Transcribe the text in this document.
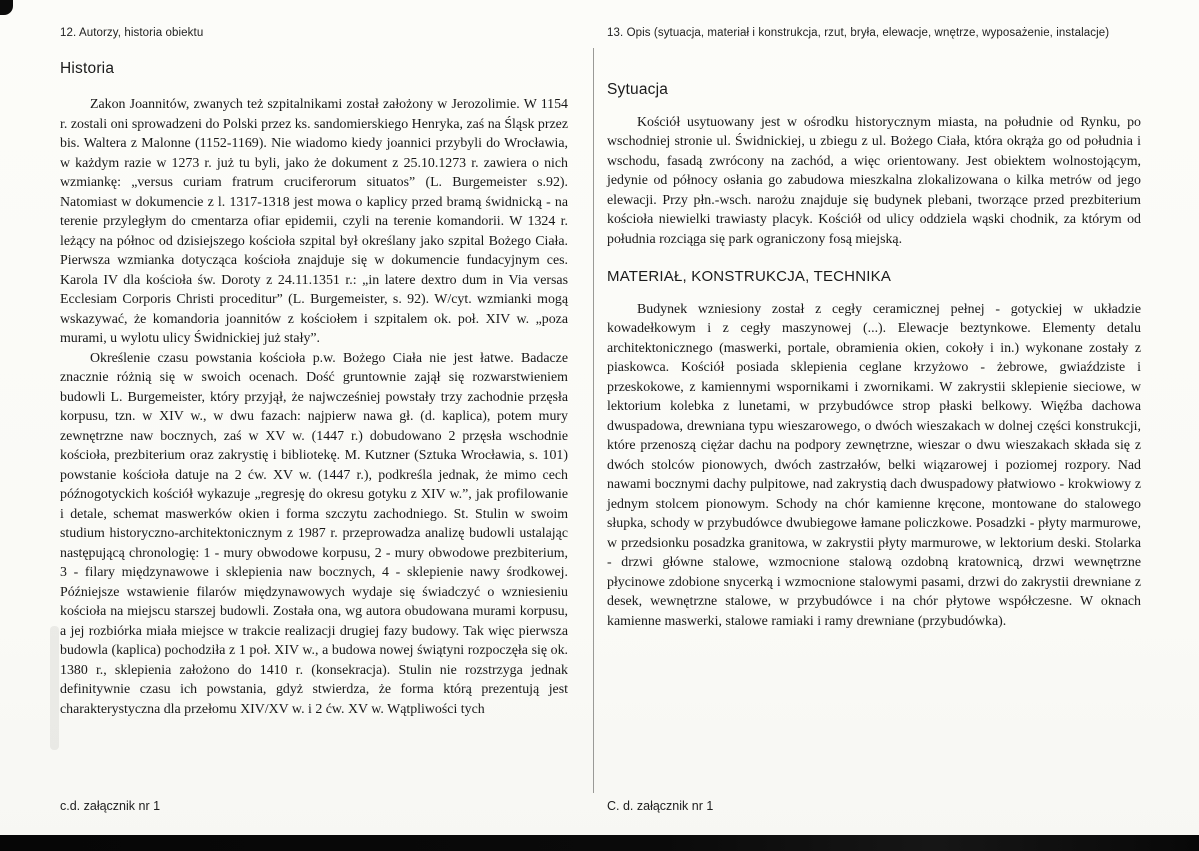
12. Autorzy, historia obiektu
Historia

Zakon Joannitów, zwanych też szpitalnikami został założony w Jerozolimie. W 1154 r. zostali oni sprowadzeni do Polski przez ks. sandomierskiego Henryka, zaś na Śląsk przez bis. Waltera z Malonne (1152-1169). Nie wiadomo kiedy joannici przybyli do Wrocławia, w każdym razie w 1273 r. już tu byli, jako że dokument z 25.10.1273 r. zawiera o nich wzmiankę: „versus curiam fratrum cruciferorum situatos” (L. Burgemeister s.92). Natomiast w dokumencie z l. 1317-1318 jest mowa o kaplicy przed bramą świdnicką - na terenie przyległym do cmentarza ofiar epidemii, czyli na terenie komandorii. W 1324 r. leżący na północ od dzisiejszego kościoła szpital był określany jako szpital Bożego Ciała. Pierwsza wzmianka dotycząca kościoła znajduje się w dokumencie fundacyjnym ces. Karola IV dla kościoła św. Doroty z 24.11.1351 r.: „in latere dextro dum in Via versas Ecclesiam Corporis Christi proceditur” (L. Burgemeister, s. 92). W/cyt. wzmianki mogą wskazywać, że komandoria joannitów z kościołem i szpitalem ok. poł. XIV w. „poza murami, u wylotu ulicy Świdnickiej już stały”.

Określenie czasu powstania kościoła p.w. Bożego Ciała nie jest łatwe. Badacze znacznie różnią się w swoich ocenach. Dość gruntownie zajął się rozwarstwieniem budowli L. Burgemeister, który przyjął, że najwcześniej powstały trzy zachodnie przęsła korpusu, tzn. w XIV w., w dwu fazach: najpierw nawa gł. (d. kaplica), potem mury zewnętrzne naw bocznych, zaś w XV w. (1447 r.) dobudowano 2 przęsła wschodnie kościoła, prezbiterium oraz zakrystię i bibliotekę. M. Kutzner (Sztuka Wrocławia, s. 101) powstanie kościoła datuje na 2 ćw. XV w. (1447 r.), podkreśla jednak, że mimo cech późnogotyckich kościół wykazuje „regresję do okresu gotyku z XIV w.”, jak profilowanie i detale, schemat maswerków okien i forma szczytu zachodniego. St. Stulin w swoim studium historyczno-architektonicznym z 1987 r. przeprowadza analizę budowli ustalając następującą chronologię: 1 - mury obwodowe korpusu, 2 - mury obwodowe prezbiterium, 3 - filary międzynawowe i sklepienia naw bocznych, 4 - sklepienie nawy środkowej. Późniejsze wstawienie filarów międzynawowych wydaje się świadczyć o wzniesieniu kościoła na miejscu starszej budowli. Została ona, wg autora obudowana murami korpusu, a jej rozbiórka miała miejsce w trakcie realizacji drugiej fazy budowy. Tak więc pierwsza budowla (kaplica) pochodziła z 1 poł. XIV w., a budowa nowej świątyni rozpoczęła się ok. 1380 r., sklepienia założono do 1410 r. (konsekracja). Stulin nie rozstrzyga jednak definitywnie czasu ich powstania, gdyż stwierdza, że forma którą prezentują jest charakterystyczna dla przełomu XIV/XV w. i 2 ćw. XV w. Wątpliwości tych

c.d. załącznik nr 1
13. Opis (sytuacja, materiał i konstrukcja, rzut, bryła, elewacje, wnętrze, wyposażenie, instalacje)
Sytuacja

Kościół usytuowany jest w ośrodku historycznym miasta, na południe od Rynku, po wschodniej stronie ul. Świdnickiej, u zbiegu z ul. Bożego Ciała, która okrąża go od południa i wschodu, fasadą zwrócony na zachód, a więc orientowany. Jest obiektem wolnostojącym, jedynie od północy osłania go zabudowa mieszkalna zlokalizowana o kilka metrów od jego elewacji. Przy płn.-wsch. narożu znajduje się budynek plebani, tworzące przed prezbiterium kościoła niewielki trawiasty placyk. Kościół od ulicy oddziela wąski chodnik, za którym od południa rozciąga się park ograniczony fosą miejską.

MATERIAŁ, KONSTRUKCJA, TECHNIKA

Budynek wzniesiony został z cegły ceramicznej pełnej - gotyckiej w układzie kowadełkowym i z cegły maszynowej (...). Elewacje beztynkowe. Elementy detalu architektonicznego (maswerki, portale, obramienia okien, cokoły i in.) wykonane zostały z piaskowca. Kościół posiada sklepienia ceglane krzyżowo - żebrowe, gwiaździste i przeskokowe, z kamiennymi wspornikami i zwornikami. W zakrystii sklepienie sieciowe, w lektorium kolebka z lunetami, w przybudówce strop płaski belkowy. Więźba dachowa dwuspadowa, drewniana typu wieszarowego, o dwóch wieszakach w dolnej części konstrukcji, które przenoszą ciężar dachu na podpory zewnętrzne, wieszar o dwu wieszakach składa się z dwóch stolców pionowych, dwóch zastrzałów, belki wiązarowej i poziomej rozpory. Nad nawami bocznymi dachy pulpitowe, nad zakrystią dach dwuspadowy płatwiowo - krokwiowy z jednym stolcem pionowym. Schody na chór kamienne kręcone, montowane do stalowego słupka, schody w przybudówce dwubiegowe łamane policzkowe. Posadzki - płyty marmurowe, w przedsionku posadzka granitowa, w zakrystii płyty marmurowe, w lektorium deski. Stolarka - drzwi główne stalowe, wzmocnione stalową ozdobną kratownicą, drzwi wewnętrzne płycinowe zdobione snycerką i wzmocnione stalowymi pasami, drzwi do zakrystii drewniane z desek, wewnętrzne stalowe, w przybudówce i na chór płytowe współczesne. W oknach kamienne maswerki, stalowe ramiaki i ramy drewniane (przybudówka).

C. d. załącznik nr 1
